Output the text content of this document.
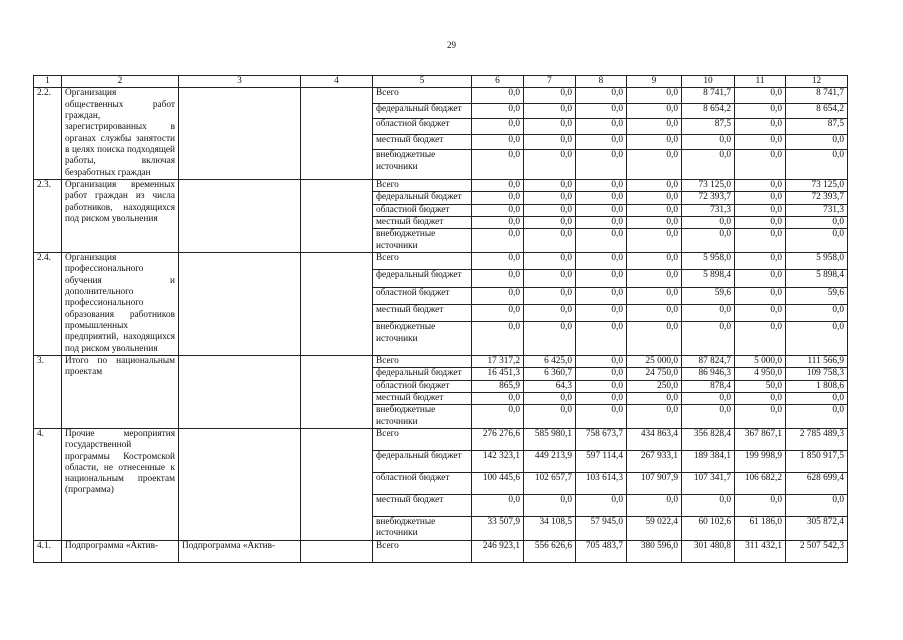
29
1	2	3	4	5	6	7	8	9	10	11	12
2.2.	Организация общественных работ граждан, зарегистрированных в органах службы занятости в целях поиска подходящей работы, включая безработных граждан			Всего	0,0	0,0	0,0	0,0	8 741,7	0,0	8 741,7
				федеральный бюджет	0,0	0,0	0,0	0,0	8 654,2	0,0	8 654,2
				областной бюджет	0,0	0,0	0,0	0,0	87,5	0,0	87,5
				местный бюджет	0,0	0,0	0,0	0,0	0,0	0,0	0,0
				внебюджетные источники	0,0	0,0	0,0	0,0	0,0	0,0	0,0
2.3.	Организация временных работ граждан из числа работников, находящихся под риском увольнения			Всего	0,0	0,0	0,0	0,0	73 125,0	0,0	73 125,0
				федеральный бюджет	0,0	0,0	0,0	0,0	72 393,7	0,0	72 393,7
				областной бюджет	0,0	0,0	0,0	0,0	731,3	0,0	731,3
				местный бюджет	0,0	0,0	0,0	0,0	0,0	0,0	0,0
				внебюджетные источники	0,0	0,0	0,0	0,0	0,0	0,0	0,0
2.4.	Организация профессионального обучения и дополнительного профессионального образования работников промышленных предприятий, находящихся под риском увольнения			Всего	0,0	0,0	0,0	0,0	5 958,0	0,0	5 958,0
				федеральный бюджет	0,0	0,0	0,0	0,0	5 898,4	0,0	5 898,4
				областной бюджет	0,0	0,0	0,0	0,0	59,6	0,0	59,6
				местный бюджет	0,0	0,0	0,0	0,0	0,0	0,0	0,0
				внебюджетные источники	0,0	0,0	0,0	0,0	0,0	0,0	0,0
3.	Итого по национальным проектам			Всего	17 317,2	6 425,0	0,0	25 000,0	87 824,7	5 000,0	111 566,9
				федеральный бюджет	16 451,3	6 360,7	0,0	24 750,0	86 946,3	4 950,0	109 758,3
				областной бюджет	865,9	64,3	0,0	250,0	878,4	50,0	1 808,6
				местный бюджет	0,0	0,0	0,0	0,0	0,0	0,0	0,0
				внебюджетные источники	0,0	0,0	0,0	0,0	0,0	0,0	0,0
4.	Прочие мероприятия государственной программы Костромской области, не отнесенные к национальным проектам (программа)			Всего	276 276,6	585 980,1	758 673,7	434 863,4	356 828,4	367 867,1	2 785 489,3
				федеральный бюджет	142 323,1	449 213,9	597 114,4	267 933,1	189 384,1	199 998,9	1 850 917,5
				областной бюджет	100 445,6	102 657,7	103 614,3	107 907,9	107 341,7	106 682,2	628 699,4
				местный бюджет	0,0	0,0	0,0	0,0	0,0	0,0	0,0
				внебюджетные источники	33 507,9	34 108,5	57 945,0	59 022,4	60 102,6	61 186,0	305 872,4
4.1.	Подпрограмма «Актив-	Подпрограмма «Актив-		Всего	246 923,1	556 626,6	705 483,7	380 596,0	301 480,8	311 432,1	2 507 542,3
